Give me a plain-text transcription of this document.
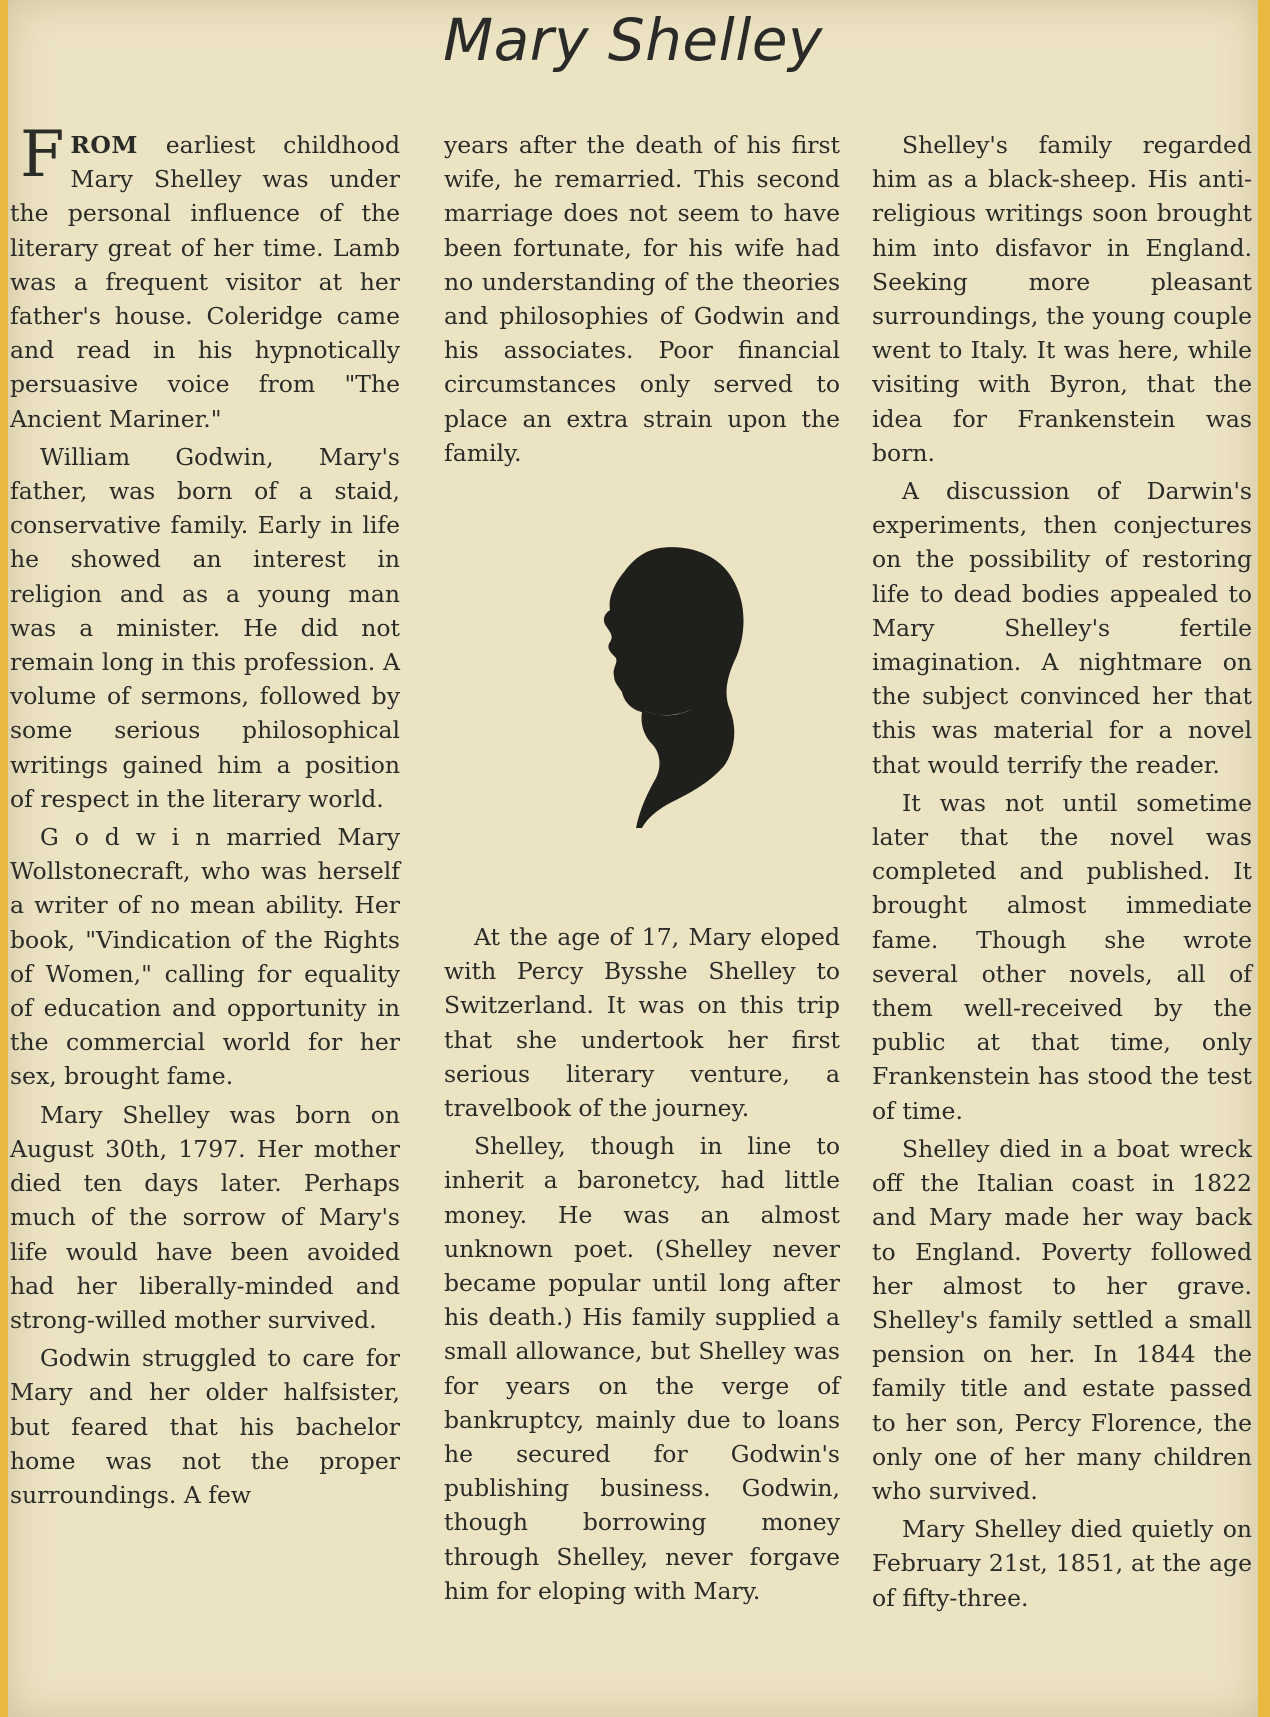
Mary Shelley

FROM earliest childhood Mary Shelley was under the personal influence of the literary great of her time. Lamb was a frequent visitor at her father's house. Coleridge came and read in his hypnotically persuasive voice from "The Ancient Mariner."

William Godwin, Mary's father, was born of a staid, conservative family. Early in life he showed an interest in religion and as a young man was a minister. He did not remain long in this profession. A volume of sermons, followed by some serious philosophical writings gained him a position of respect in the literary world.

G o d w i n married Mary Wollstonecraft, who was herself a writer of no mean ability. Her book, "Vindication of the Rights of Women," calling for equality of education and opportunity in the commercial world for her sex, brought fame.

Mary Shelley was born on August 30th, 1797. Her mother died ten days later. Perhaps much of the sorrow of Mary's life would have been avoided had her liberally-minded and strong-willed mother survived.

Godwin struggled to care for Mary and her older halfsister, but feared that his bachelor home was not the proper surroundings. A few

years after the death of his first wife, he remarried. This second marriage does not seem to have been fortunate, for his wife had no understanding of the theories and philosophies of Godwin and his associates. Poor financial circumstances only served to place an extra strain upon the family.

At the age of 17, Mary eloped with Percy Bysshe Shelley to Switzerland. It was on this trip that she undertook her first serious literary venture, a travelbook of the journey.

Shelley, though in line to inherit a baronetcy, had little money. He was an almost unknown poet. (Shelley never became popular until long after his death.) His family supplied a small allowance, but Shelley was for years on the verge of bankruptcy, mainly due to loans he secured for Godwin's publishing business. Godwin, though borrowing money through Shelley, never forgave him for eloping with Mary.

Shelley's family regarded him as a black-sheep. His anti-religious writings soon brought him into disfavor in England. Seeking more pleasant surroundings, the young couple went to Italy. It was here, while visiting with Byron, that the idea for Frankenstein was born.

A discussion of Darwin's experiments, then conjectures on the possibility of restoring life to dead bodies appealed to Mary Shelley's fertile imagination. A nightmare on the subject convinced her that this was material for a novel that would terrify the reader.

It was not until sometime later that the novel was completed and published. It brought almost immediate fame. Though she wrote several other novels, all of them well-received by the public at that time, only Frankenstein has stood the test of time.

Shelley died in a boat wreck off the Italian coast in 1822 and Mary made her way back to England. Poverty followed her almost to her grave. Shelley's family settled a small pension on her. In 1844 the family title and estate passed to her son, Percy Florence, the only one of her many children who survived.

Mary Shelley died quietly on February 21st, 1851, at the age of fifty-three.
